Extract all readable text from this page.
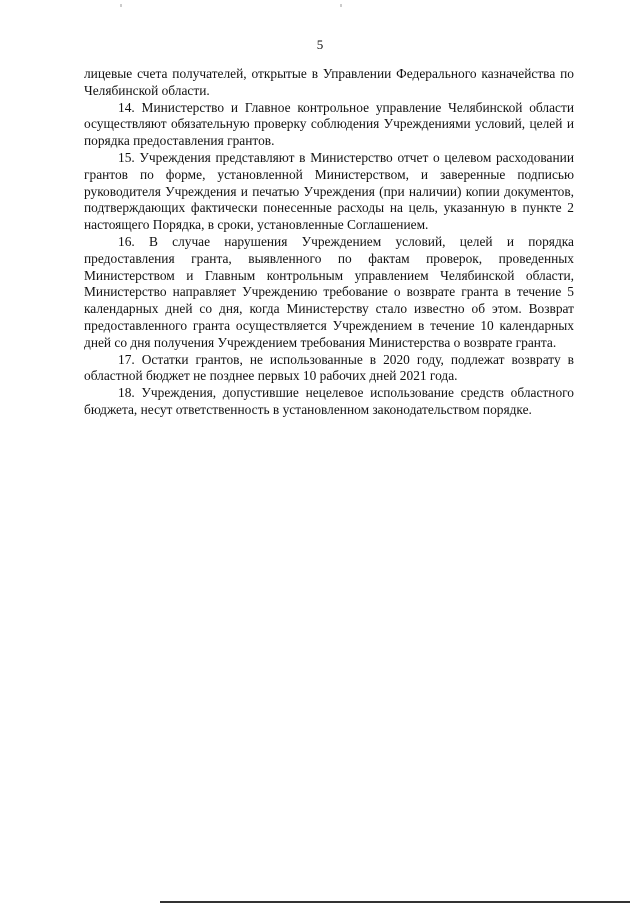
5

лицевые счета получателей, открытые в Управлении Федерального казначейства по Челябинской области.

14. Министерство и Главное контрольное управление Челябинской области осуществляют обязательную проверку соблюдения Учреждениями условий, целей и порядка предоставления грантов.

15. Учреждения представляют в Министерство отчет о целевом расходовании грантов по форме, установленной Министерством, и заверенные подписью руководителя Учреждения и печатью Учреждения (при наличии) копии документов, подтверждающих фактически понесенные расходы на цель, указанную в пункте 2 настоящего Порядка, в сроки, установленные Соглашением.

16. В случае нарушения Учреждением условий, целей и порядка предоставления гранта, выявленного по фактам проверок, проведенных Министерством и Главным контрольным управлением Челябинской области, Министерство направляет Учреждению требование о возврате гранта в течение 5 календарных дней со дня, когда Министерству стало известно об этом. Возврат предоставленного гранта осуществляется Учреждением в течение 10 календарных дней со дня получения Учреждением требования Министерства о возврате гранта.

17. Остатки грантов, не использованные в 2020 году, подлежат возврату в областной бюджет не позднее первых 10 рабочих дней 2021 года.

18. Учреждения, допустившие нецелевое использование средств областного бюджета, несут ответственность в установленном законодательством порядке.
